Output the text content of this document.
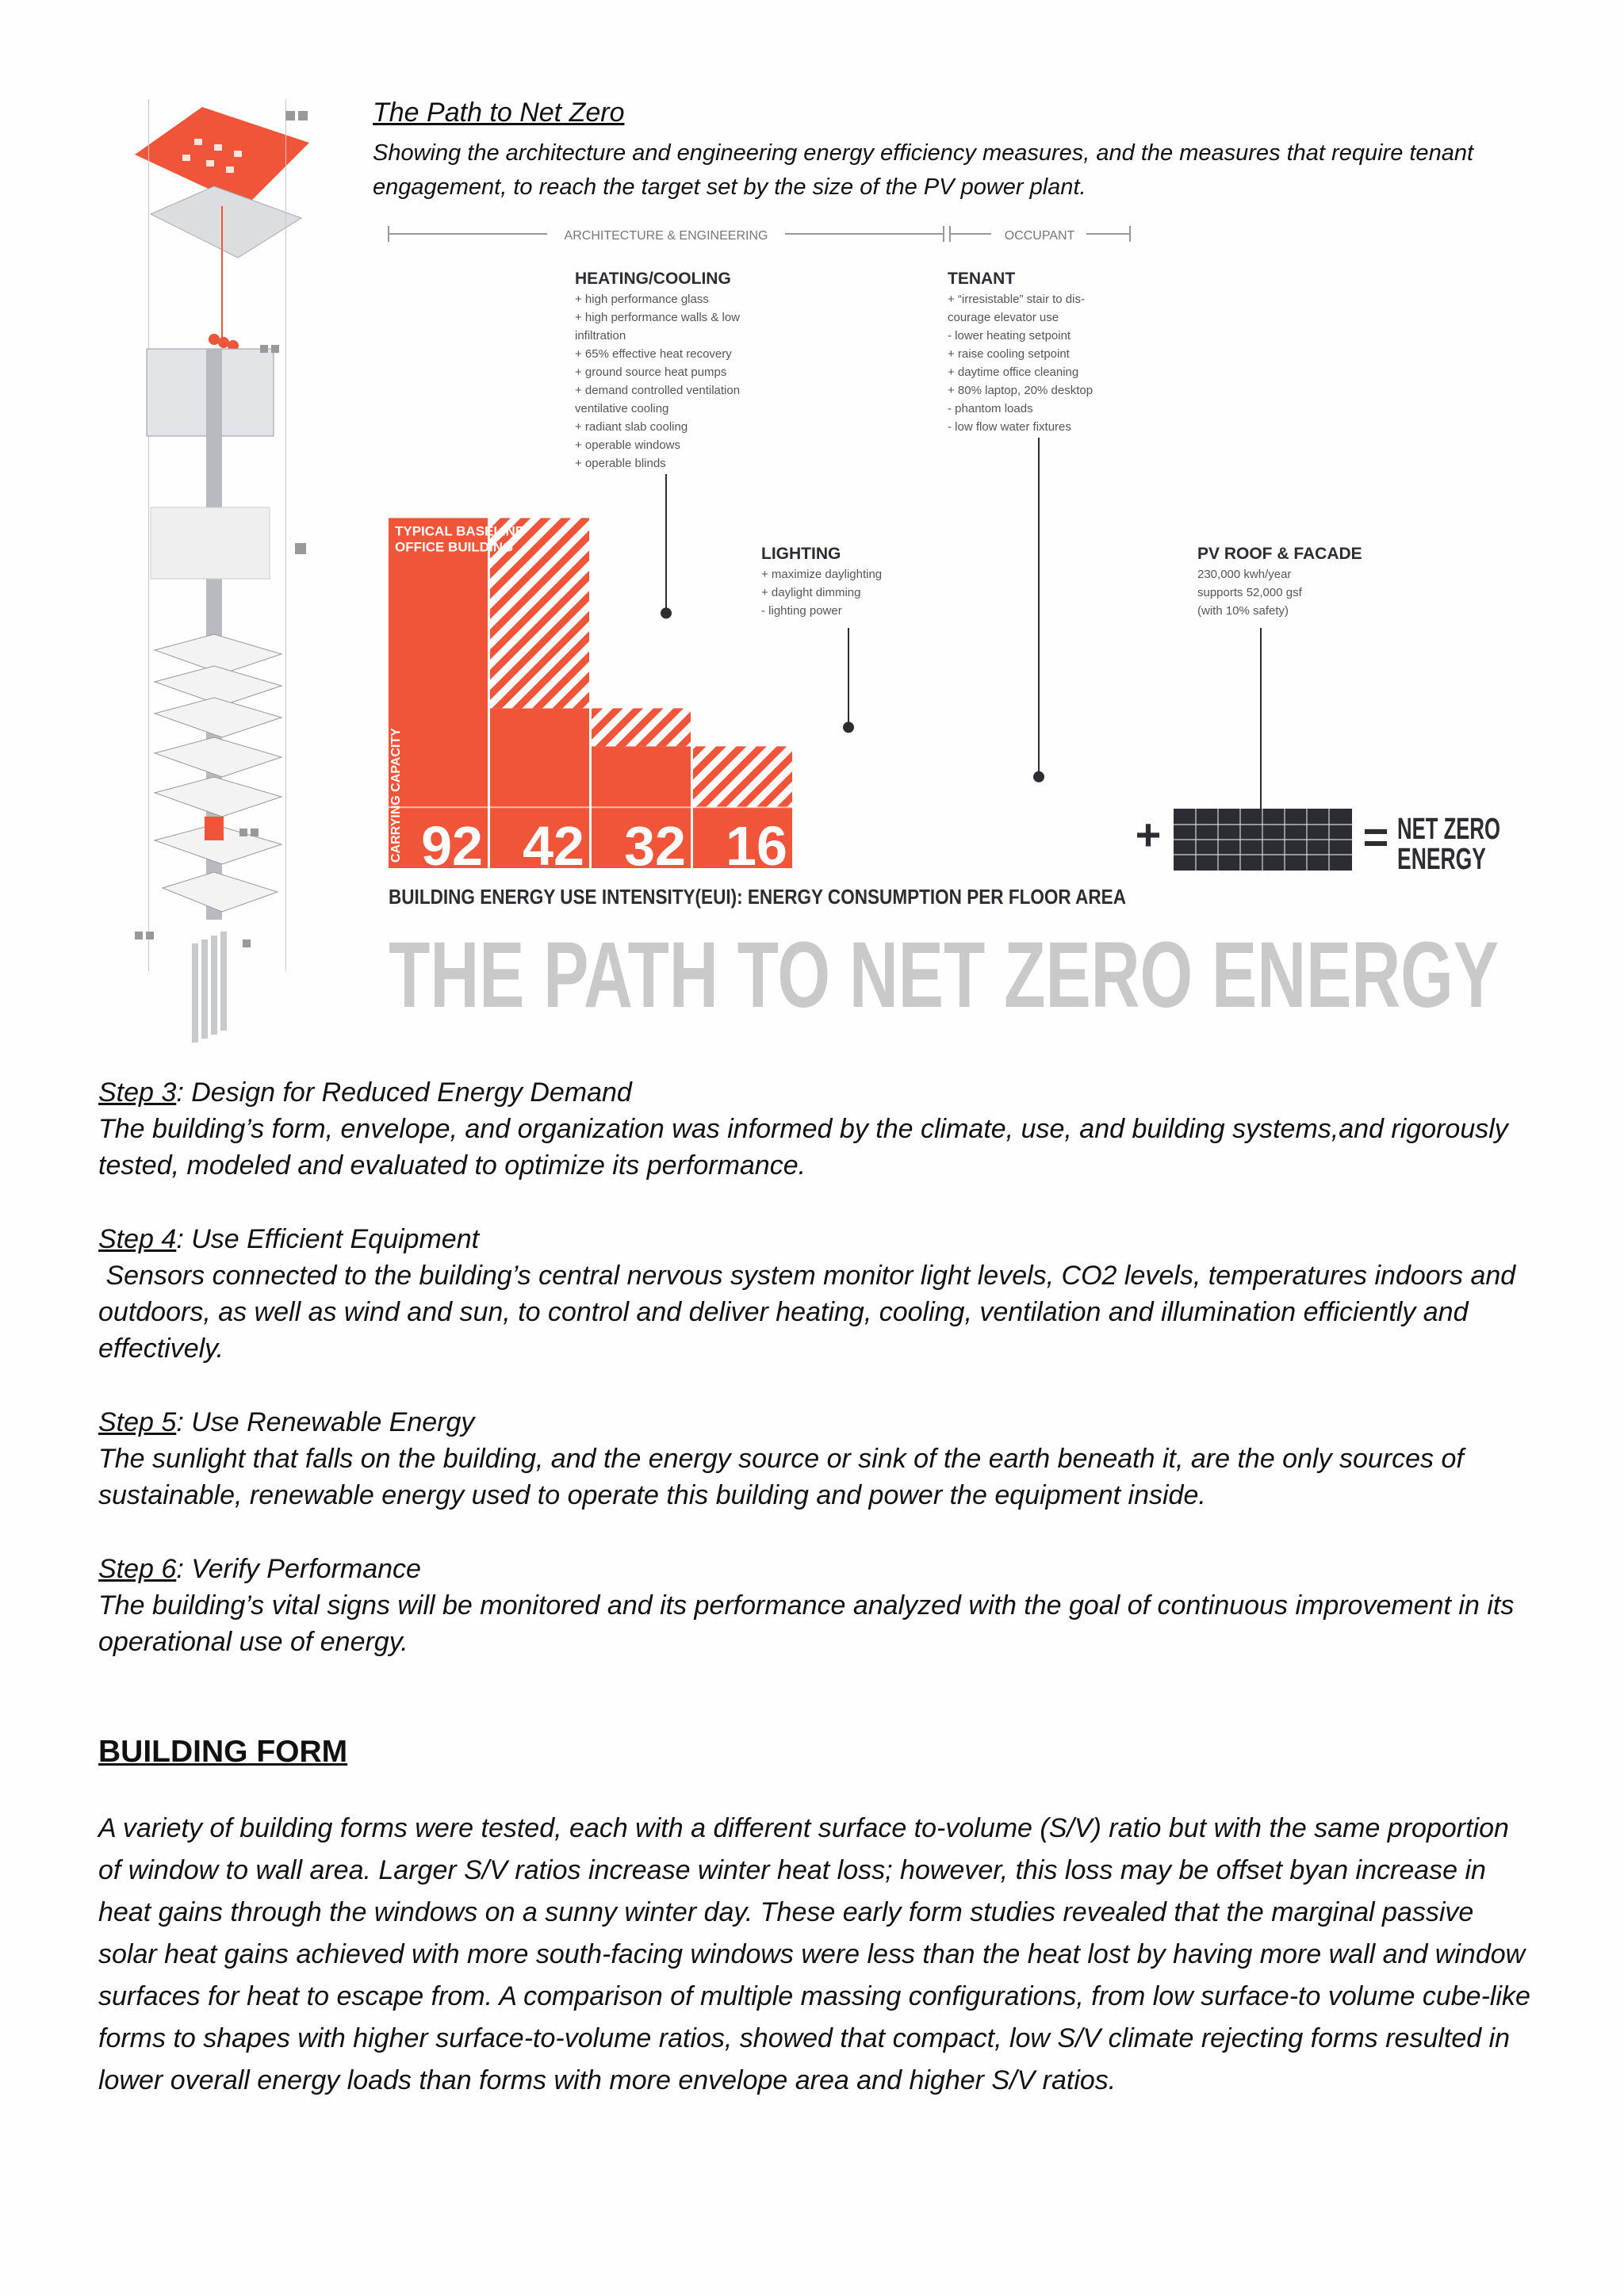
The Path to Net Zero
Showing the architecture and engineering energy efficiency measures, and the measures that require tenant engagement, to reach the target set by the size of the PV power plant.
ARCHITECTURE & ENGINEERING	OCCUPANT
TYPICAL BASELINE
OFFICE BUILDING
HEATING/COOLING
+ high performance glass
+ high performance walls & low
infiltration
+ 65% effective heat recovery
+ ground source heat pumps
+ demand controlled ventilation
ventilative cooling
+ radiant slab cooling
+ operable windows
+ operable blinds
TENANT
+ “irresistable” stair to dis-
courage elevator use
- lower heating setpoint
+ raise cooling setpoint
+ daytime office cleaning
+ 80% laptop, 20% desktop
- phantom loads
- low flow water fixtures
LIGHTING
+ maximize daylighting
+ daylight dimming
- lighting power
PV ROOF & FACADE
230,000 kwh/year
supports 52,000 gsf
(with 10% safety)
CARRYING CAPACITY 92 42 32 16	+	= NET ZERO
ENERGY
BUILDING ENERGY USE INTENSITY(EUI): ENERGY CONSUMPTION PER FLOOR AREA
THE PATH TO NET ZERO ENERGY

Step 3: Design for Reduced Energy Demand

The building’s form, envelope, and organization was informed by the climate, use, and building systems,and rigorously tested, modeled and evaluated to optimize its performance.

Step 4: Use Efficient Equipment

Sensors connected to the building’s central nervous system monitor light levels, CO2 levels, temperatures indoors and outdoors, as well as wind and sun, to control and deliver heating, cooling, ventilation and illumination efficiently and effectively.

Step 5: Use Renewable Energy

The sunlight that falls on the building, and the energy source or sink of the earth beneath it, are the only sources of sustainable, renewable energy used to operate this building and power the equipment inside.

Step 6: Verify Performance

The building’s vital signs will be monitored and its performance analyzed with the goal of continuous improvement in its operational use of energy.

BUILDING FORM

A variety of building forms were tested, each with a different surface to-volume (S/V) ratio but with the same proportion of window to wall area. Larger S/V ratios increase winter heat loss; however, this loss may be offset byan increase in heat gains through the windows on a sunny winter day. These early form studies revealed that the marginal passive solar heat gains achieved with more south-facing windows were less than the heat lost by having more wall and window surfaces for heat to escape from. A comparison of multiple massing configurations, from low surface-to volume cube-like forms to shapes with higher surface-to-volume ratios, showed that compact, low S/V climate rejecting forms resulted in lower overall energy loads than forms with more envelope area and higher S/V ratios.
